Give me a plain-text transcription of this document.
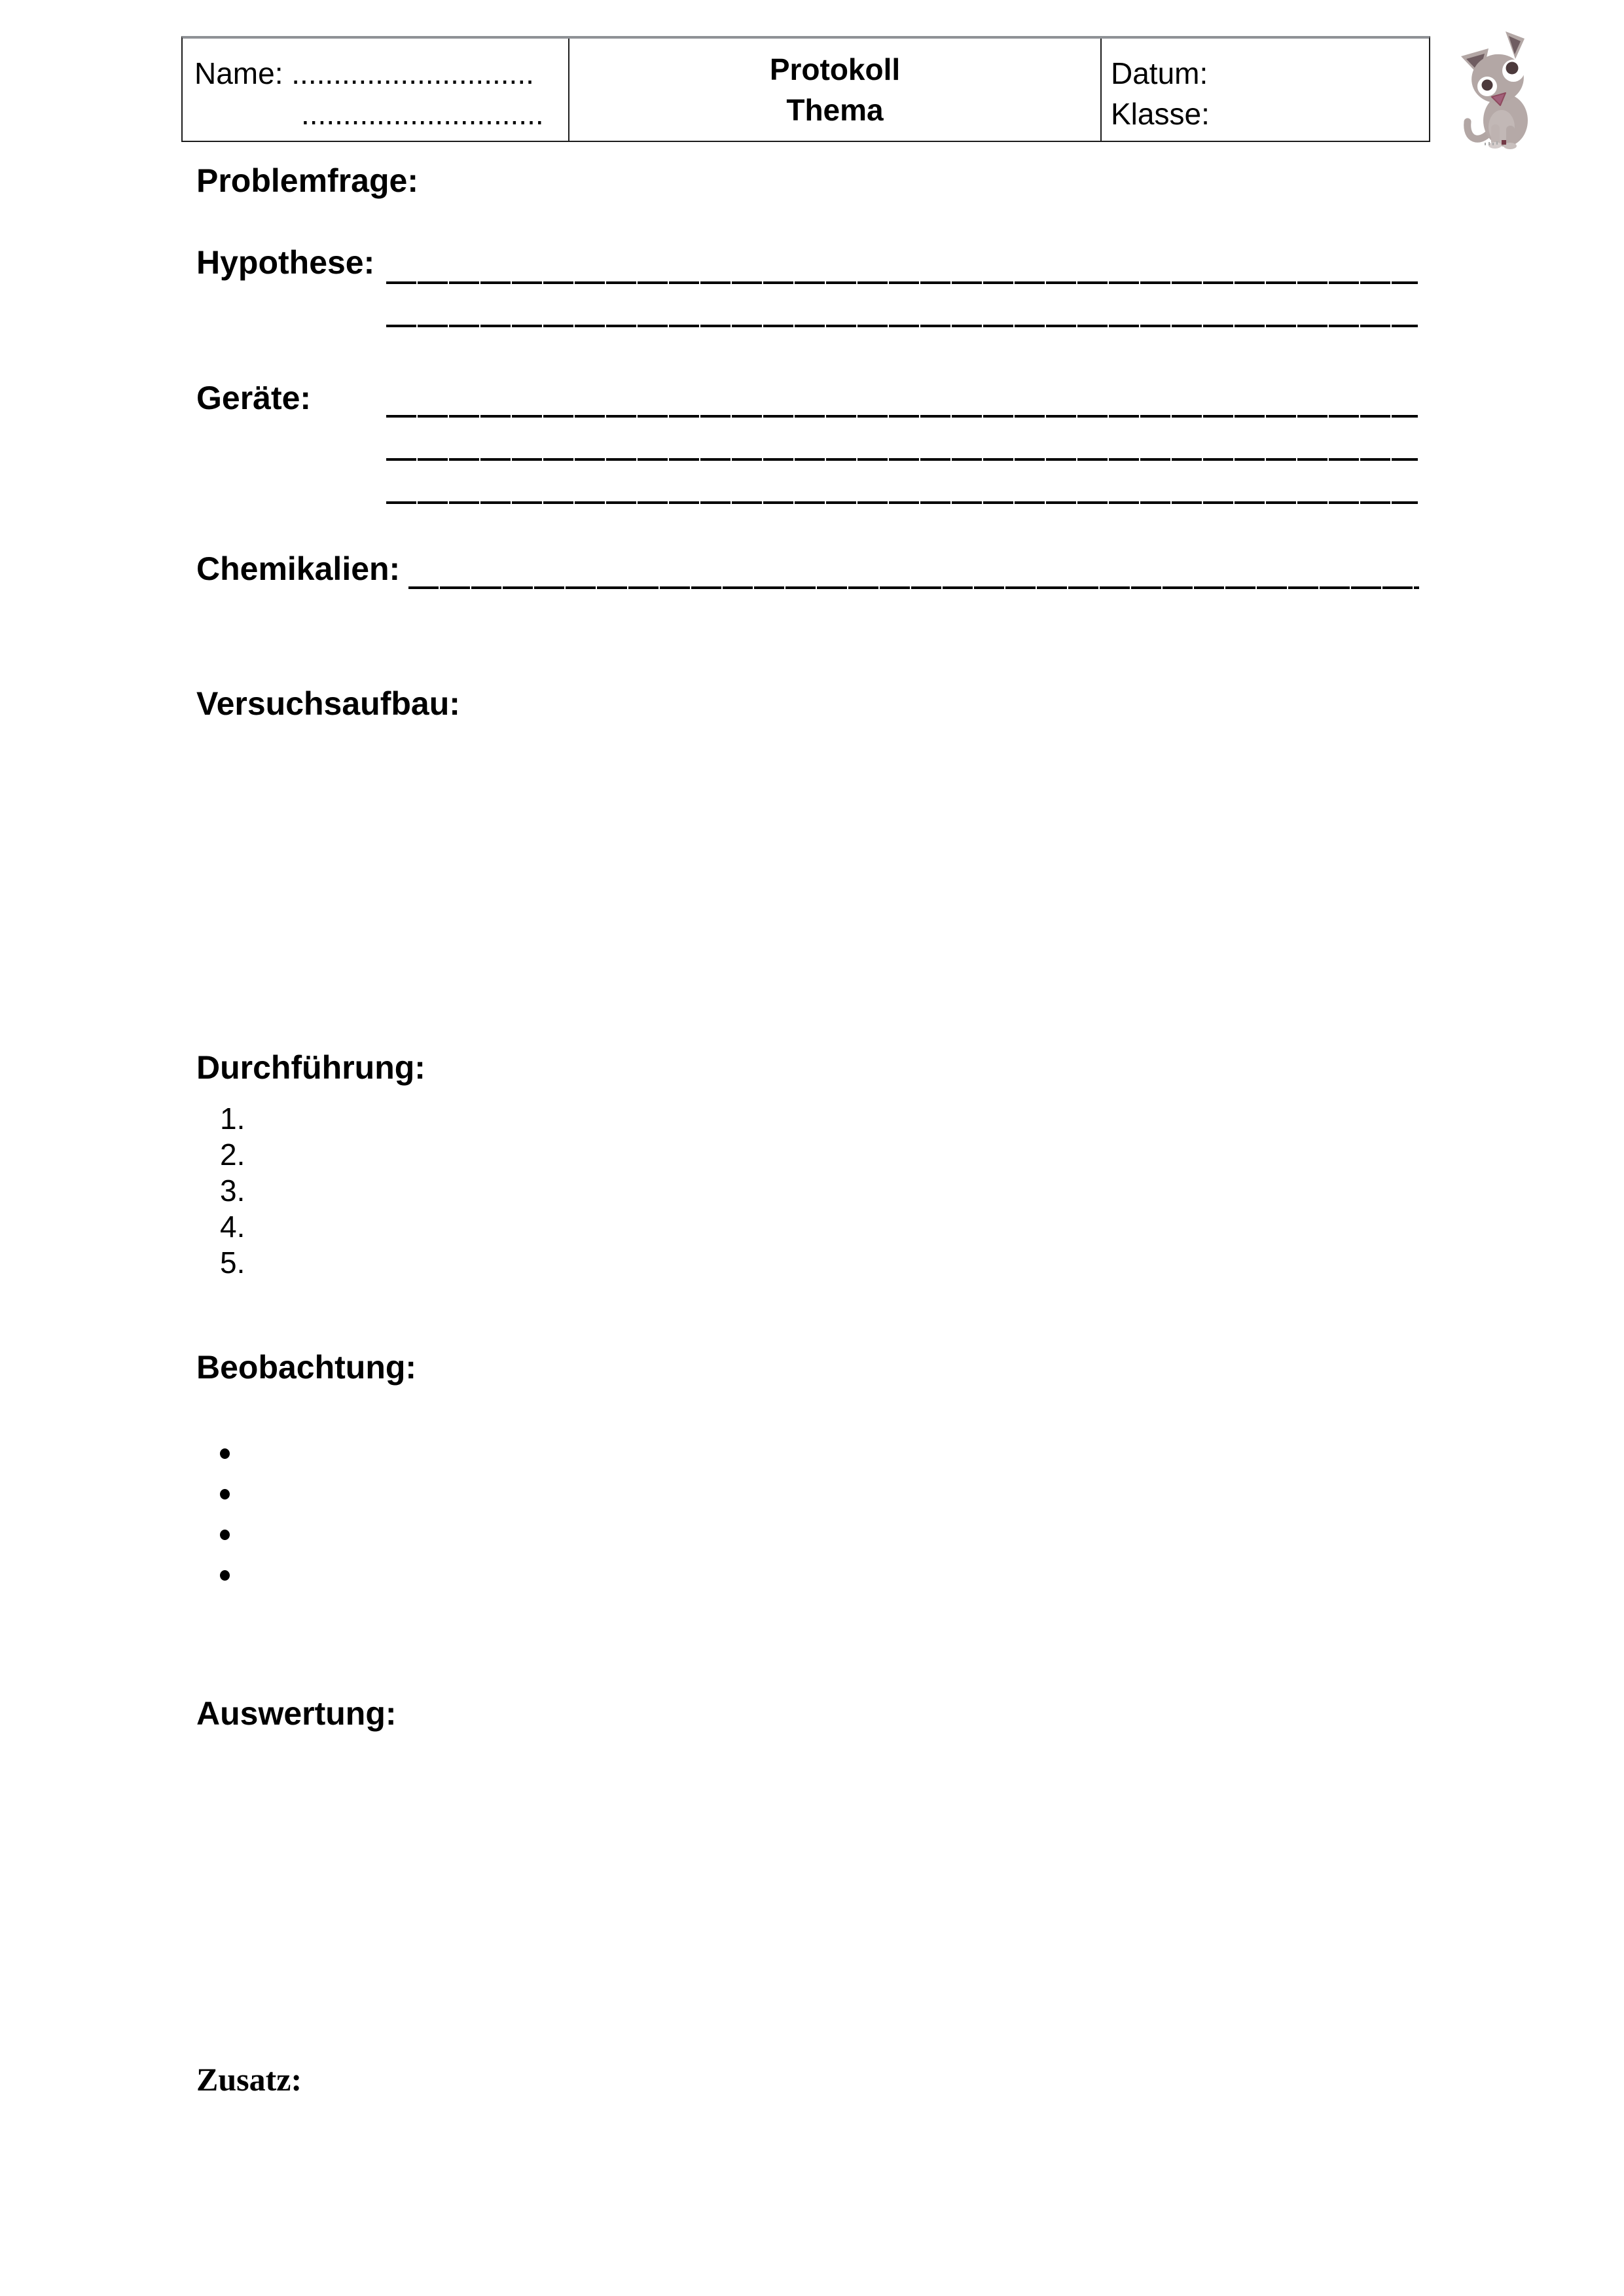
Name: .............................
.............................
Protokoll
Thema
Datum:
Klasse:
Problemfrage:
Hypothese:
Geräte:
Chemikalien:
Versuchsaufbau:
Durchführung:
1.
2.
3.
4.
5.
Beobachtung:
Auswertung:
Zusatz:
